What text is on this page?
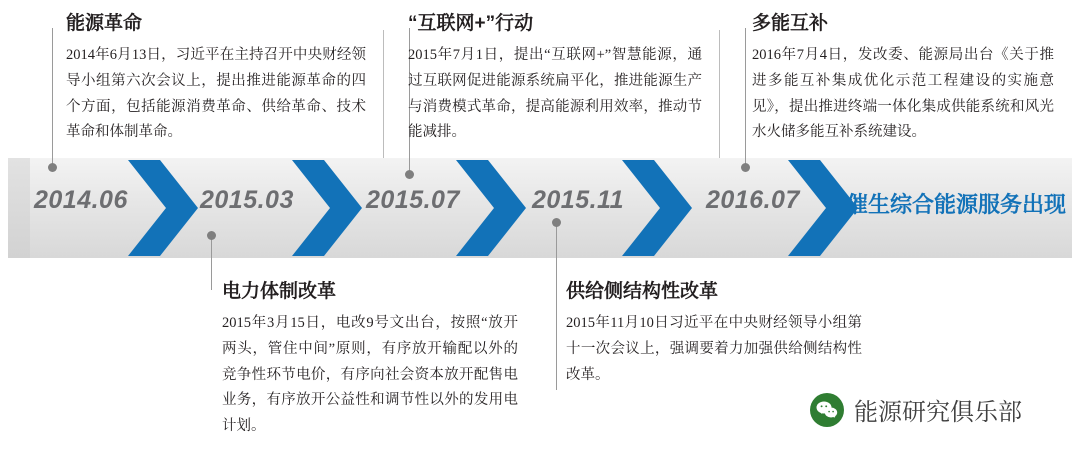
2014.06	2015.03	2015.07	2015.11	2016.07 催生综合能源服务出现
能源革命
2014年6月13日，习近平在主持召开中央财经领导小组第六次会议上，提出推进能源革命的四个方面，包括能源消费革命、供给革命、技术革命和体制革命。
“互联网+”行动
2015年7月1日，提出“互联网+”智慧能源，通过互联网促进能源系统扁平化，推进能源生产与消费模式革命，提高能源利用效率，推动节能减排。
多能互补
2016年7月4日，发改委、能源局出台《关于推进多能互补集成优化示范工程建设的实施意见》，提出推进终端一体化集成供能系统和风光水火储多能互补系统建设。
电力体制改革
2015年3月15日，电改9号文出台，按照“放开两头，管住中间”原则，有序放开输配以外的竞争性环节电价，有序向社会资本放开配售电业务，有序放开公益性和调节性以外的发用电计划。
供给侧结构性改革
2015年11月10日习近平在中央财经领导小组第十一次会议上，强调要着力加强供给侧结构性改革。
能源研究俱乐部
